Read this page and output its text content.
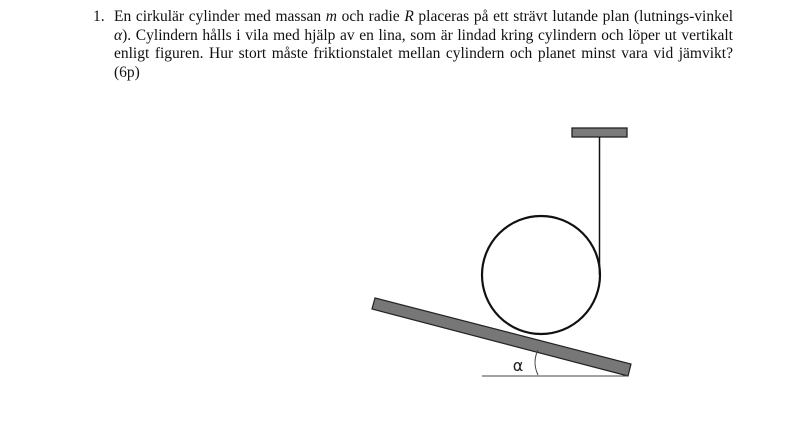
1. En cirkulär cylinder med massan m och radie R placeras på ett strävt lutande plan (lutnings-vinkel α). Cylindern hålls i vila med hjälp av en lina, som är lindad kring cylindern och löper ut vertikalt enligt figuren. Hur stort måste friktionstalet mellan cylindern och planet minst vara vid jämvikt? (6p)
α
